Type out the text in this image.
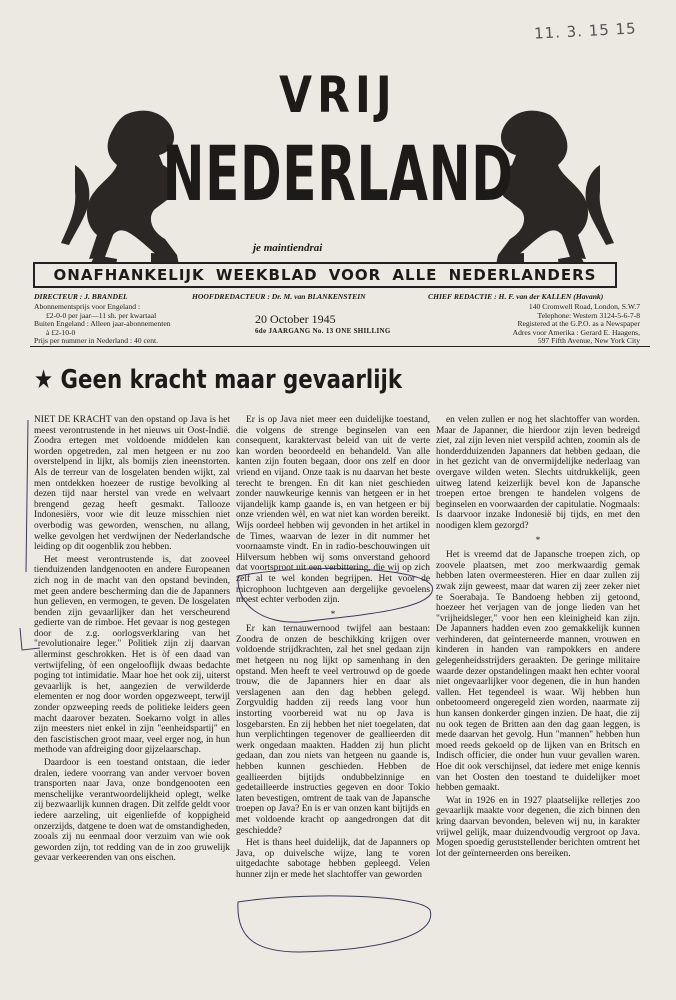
11. 3. 15 15
VRIJ
NEDERLAND
je maintiendrai
ONAFHANKELIJK WEEKBLAD VOOR ALLE NEDERLANDERS
DIRECTEUR : J. BRANDEL	HOOFDREDACTEUR : Dr. M. van BLANKENSTEIN	CHIEF REDACTIE : H. F. van der KALLEN (Havank)
Abonnementsprijs voor Engeland :
£2-0-0 per jaar—11 sh. per kwartaal
Buiten Engeland : Alleen jaar-abonnementen
à £2-10-0
Prijs per nummer in Nederland : 40 cent.
20 October 1945
6de JAARGANG No. 13 ONE SHILLING
140 Cromwell Road, London, S.W.7
Telephone: Western 3124-5-6-7-8
Registered at the G.P.O. as a Newspaper
Adres voor Amerika : Gerard E. Haagens,
597 Fifth Avenue, New York City
★ Geen kracht maar gevaarlijk

NIET DE KRACHT van den opstand op Java is het meest verontrustende in het nieuws uit Oost-Indië. Zoodra ertegen met voldoende middelen kan worden opgetreden, zal men hetgeen er nu zoo overstelpend in lijkt, als bomijs zien ineenstorten. Als de terreur van de losgelaten benden wijkt, zal men ontdekken hoezeer de rustige bevolking al dezen tijd naar herstel van vrede en welvaart brengend gezag heeft gesmakt. Tallooze Indonesiërs, voor wie dit leuze misschien niet overbodig was geworden, wenschen, nu allang, welke gevolgen het verdwijnen der Nederlandsche leiding op dit oogenblik zou hebben.

Het meest verontrustende is, dat zooveel tienduizenden landgenooten en andere Europeanen zich nog in de macht van den opstand bevinden, met geen andere bescherming dan die de Japanners hun gelieven, en vermogen, te geven. De losgelaten benden zijn gevaarlijker dan het verscheurend gedierte van de rimboe. Het gevaar is nog gestegen door de z.g. oorlogsverklaring van het "revolutionaire leger." Politiek zijn zij daarvan allerminst geschrokken. Het is òf een daad van vertwijfeling, òf een ongelooflijk dwaas bedachte poging tot intimidatie. Maar hoe het ook zij, uiterst gevaarlijk is het, aangezien de verwilderde elementen er nog door worden opgezweept, terwijl zonder opzweeping reeds de politieke leiders geen macht daarover bezaten. Soekarno volgt in alles zijn meesters niet enkel in zijn "eenheidspartij" en den fascistischen groot maar, veel erger nog, in hun methode van afdreiging door gijzelaarschap.

Daardoor is een toestand ontstaan, die ieder dralen, iedere voorrang van ander vervoer boven transporten naar Java, onze bondgenooten een menschelijke verantwoordelijkheid oplegt, welke zij bezwaarlijk kunnen dragen. Dit zelfde geldt voor iedere aarzeling, uit eigenliefde of koppigheid onzerzijds, datgene te doen wat de omstandigheden, zooals zij nu eenmaal door verzuim van wie ook geworden zijn, tot redding van de in zoo gruwelijk gevaar verkeerenden van ons eischen.

Er is op Java niet meer een duidelijke toestand, die volgens de strenge beginselen van een consequent, karaktervast beleid van uit de verte kan worden beoordeeld en behandeld. Van alle kanten zijn fouten begaan, door ons zelf en door vriend en vijand. Onze taak is nu daarvan het beste terecht te brengen. En dit kan niet geschieden zonder nauwkeurige kennis van hetgeen er in het vijandelijk kamp gaande is, en van hetgeen er bij onze vrienden wèl, en wat niet kan worden bereikt. Wijs oordeel hebben wij gevonden in het artikel in de Times, waarvan de lezer in dit nummer het voornaamste vindt. En in radio-beschouwingen uit Hilversum hebben wij soms onverstand gehoord dat voortsproot uit een verbittering, die wij op zich zelf al te wel konden begrijpen. Het voor de microphoon luchtgeven aan dergelijke gevoelens moest echter verboden zijn.

*

Er kan ternauwernood twijfel aan bestaan: Zoodra de onzen de beschikking krijgen over voldoende strijdkrachten, zal het snel gedaan zijn met hetgeen nu nog lijkt op samenhang in den opstand. Men heeft te veel vertrouwd op de goede trouw, die de Japanners hier en daar als verslagenen aan den dag hebben gelegd. Zorgvuldig hadden zij reeds lang voor hun instorting voorbereid wat nu op Java is losgebarsten. En zij hebben het niet toegelaten, dat hun verplichtingen tegenover de geallieerden dit werk ongedaan maakten. Hadden zij hun plicht gedaan, dan zou niets van hetgeen nu gaande is, hebben kunnen geschieden. Hebben de geallieerden bijtijds ondubbelzinnige en gedetailleerde instructies gegeven en door Tokio laten bevestigen, omtrent de taak van de Japansche troepen op Java? En is er van onzen kant bijtijds en met voldoende kracht op aangedrongen dat dit geschiedde?

Het is thans heel duidelijk, dat de Japanners op Java, op duivelsche wijze, lang te voren uitgedachte sabotage hebben gepleegd. Velen hunner zijn er mede het slachtoffer van geworden

en velen zullen er nog het slachtoffer van worden. Maar de Japanner, die hierdoor zijn leven bedreigd ziet, zal zijn leven niet verspild achten, zoomin als de honderdduizenden Japanners dat hebben gedaan, die in het gezicht van de onvermijdelijke nederlaag van overgave wilden weten. Slechts uitdrukkelijk, geen uitweg latend keizerlijk bevel kon de Japansche troepen ertoe brengen te handelen volgens de beginselen en voorwaarden der capitulatie. Nogmaals: Is daarvoor inzake Indonesië bij tijds, en met den noodigen klem gezorgd?

*

Het is vreemd dat de Japansche troepen zich, op zoovele plaatsen, met zoo merkwaardig gemak hebben laten overmeesteren. Hier en daar zullen zij zwak zijn geweest, maar dat waren zij zeer zeker niet te Soerabaja. Te Bandoeng hebben zij getoond, hoezeer het verjagen van de jonge lieden van het "vrijheidsleger," voor hen een kleinigheid kan zijn. De Japanners hadden even zoo gemakkelijk kunnen verhinderen, dat geïnterneerde mannen, vrouwen en kinderen in handen van rampokkers en andere gelegenheidsstrijders geraakten. De geringe militaire waarde dezer opstandelingen maakt hen echter vooral niet ongevaarlijker voor degenen, die in hun handen vallen. Het tegendeel is waar. Wij hebben hun onbetoomeerd ongeregeld zien worden, naarmate zij hun kansen donkerder gingen inzien. De haat, die zij nu ook tegen de Britten aan den dag gaan leggen, is mede daarvan het gevolg. Hun "mannen" hebben hun moed reeds gekoeld op de lijken van en Britsch en Indisch officier, die onder hun vuur gevallen waren. Hoe dit ook verschijnsel, dat iedere met enige kennis van het Oosten den toestand te duidelijker moet hebben gemaakt.

Wat in 1926 en in 1927 plaatselijke relletjes zoo gevaarlijk maakte voor degenen, die zich binnen den kring daarvan bevonden, beleven wij nu, in karakter vrijwel gelijk, maar duizendvoudig vergroot op Java. Mogen spoedig geruststellender berichten omtrent het lot der geïnterneerden ons bereiken.
